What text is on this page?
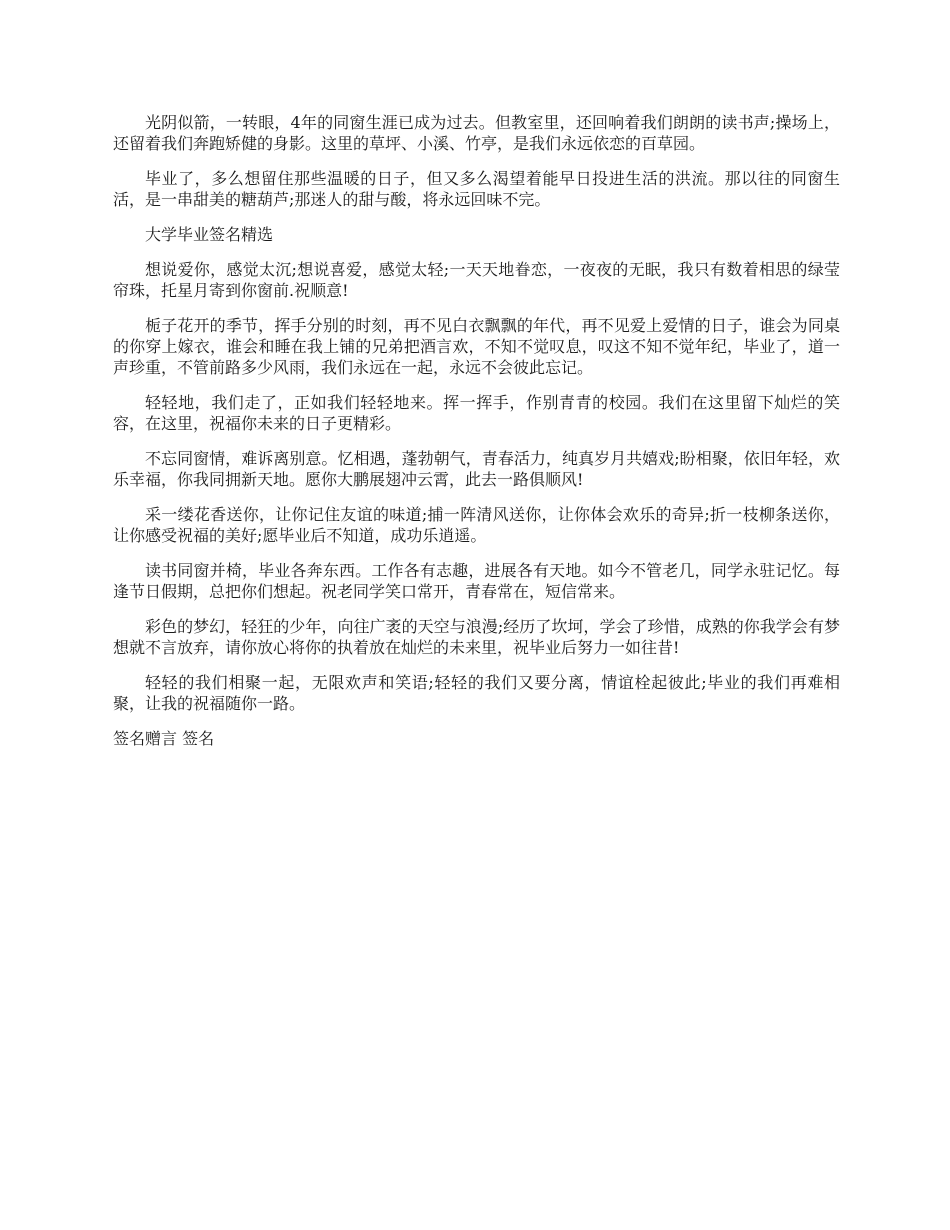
光阴似箭，一转眼，4年的同窗生涯已成为过去。但教室里，还回响着我们朗朗的读书声;操场上，还留着我们奔跑矫健的身影。这里的草坪、小溪、竹亭，是我们永远依恋的百草园。

毕业了，多么想留住那些温暖的日子，但又多么渴望着能早日投进生活的洪流。那以往的同窗生活，是一串甜美的糖葫芦;那迷人的甜与酸，将永远回味不完。

大学毕业签名精选

想说爱你，感觉太沉;想说喜爱，感觉太轻;一天天地眷恋，一夜夜的无眠，我只有数着相思的绿莹帘珠，托星月寄到你窗前.祝顺意!

栀子花开的季节，挥手分别的时刻，再不见白衣飘飘的年代，再不见爱上爱情的日子，谁会为同桌的你穿上嫁衣，谁会和睡在我上铺的兄弟把酒言欢，不知不觉叹息，叹这不知不觉年纪，毕业了，道一声珍重，不管前路多少风雨，我们永远在一起，永远不会彼此忘记。

轻轻地，我们走了，正如我们轻轻地来。挥一挥手，作别青青的校园。我们在这里留下灿烂的笑容，在这里，祝福你未来的日子更精彩。

不忘同窗情，难诉离别意。忆相遇，蓬勃朝气，青春活力，纯真岁月共嬉戏;盼相聚，依旧年轻，欢乐幸福，你我同拥新天地。愿你大鹏展翅冲云霄，此去一路俱顺风!

采一缕花香送你，让你记住友谊的味道;捕一阵清风送你，让你体会欢乐的奇异;折一枝柳条送你，让你感受祝福的美好;愿毕业后不知道，成功乐逍遥。

读书同窗并椅，毕业各奔东西。工作各有志趣，进展各有天地。如今不管老几，同学永驻记忆。每逢节日假期，总把你们想起。祝老同学笑口常开，青春常在，短信常来。

彩色的梦幻，轻狂的少年，向往广袤的天空与浪漫;经历了坎坷，学会了珍惜，成熟的你我学会有梦想就不言放弃，请你放心将你的执着放在灿烂的未来里，祝毕业后努力一如往昔!

轻轻的我们相聚一起，无限欢声和笑语;轻轻的我们又要分离，情谊栓起彼此;毕业的我们再难相聚，让我的祝福随你一路。

签名赠言 签名
